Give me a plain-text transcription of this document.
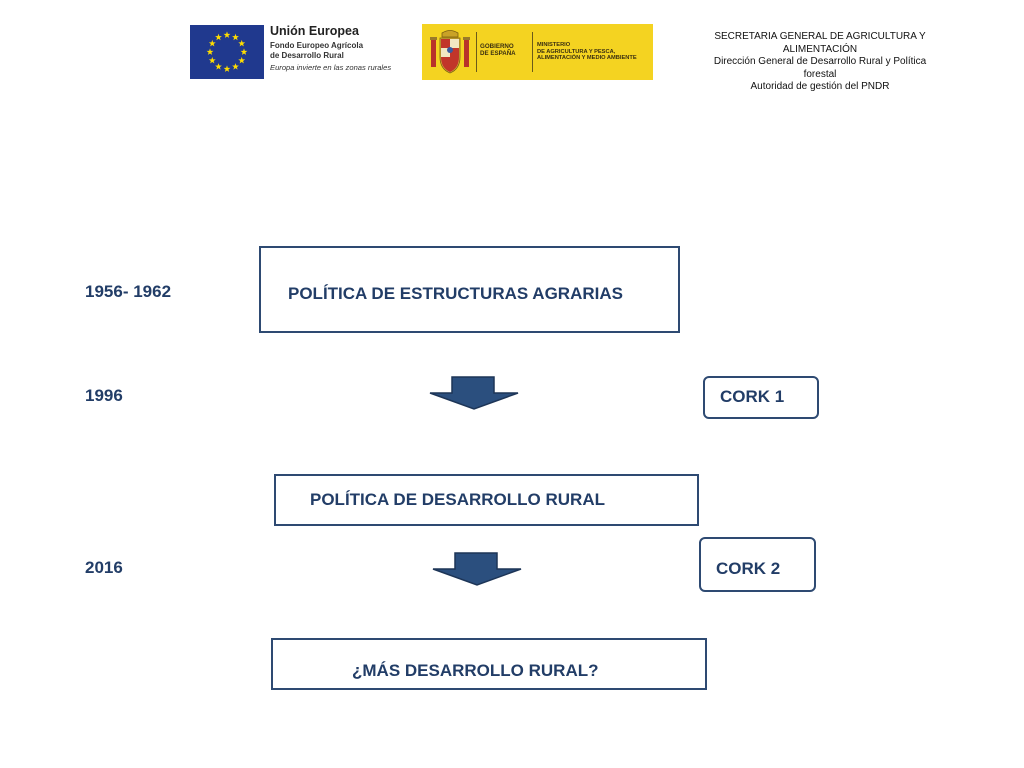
Unión Europea
Fondo Europeo Agrícola
de Desarrollo Rural
Europa invierte en las zonas rurales
GOBIERNO
DE ESPAÑA
MINISTERIO
DE AGRICULTURA Y PESCA,
ALIMENTACIÓN Y MEDIO AMBIENTE
SECRETARIA GENERAL DE AGRICULTURA Y
ALIMENTACIÓN
Dirección General de Desarrollo Rural y Política
forestal
Autoridad de gestión del PNDR
1956- 1962	POLÍTICA DE ESTRUCTURAS AGRARIAS
1996	CORK 1
POLÍTICA DE DESARROLLO RURAL
2016	CORK 2
¿MÁS DESARROLLO RURAL?
